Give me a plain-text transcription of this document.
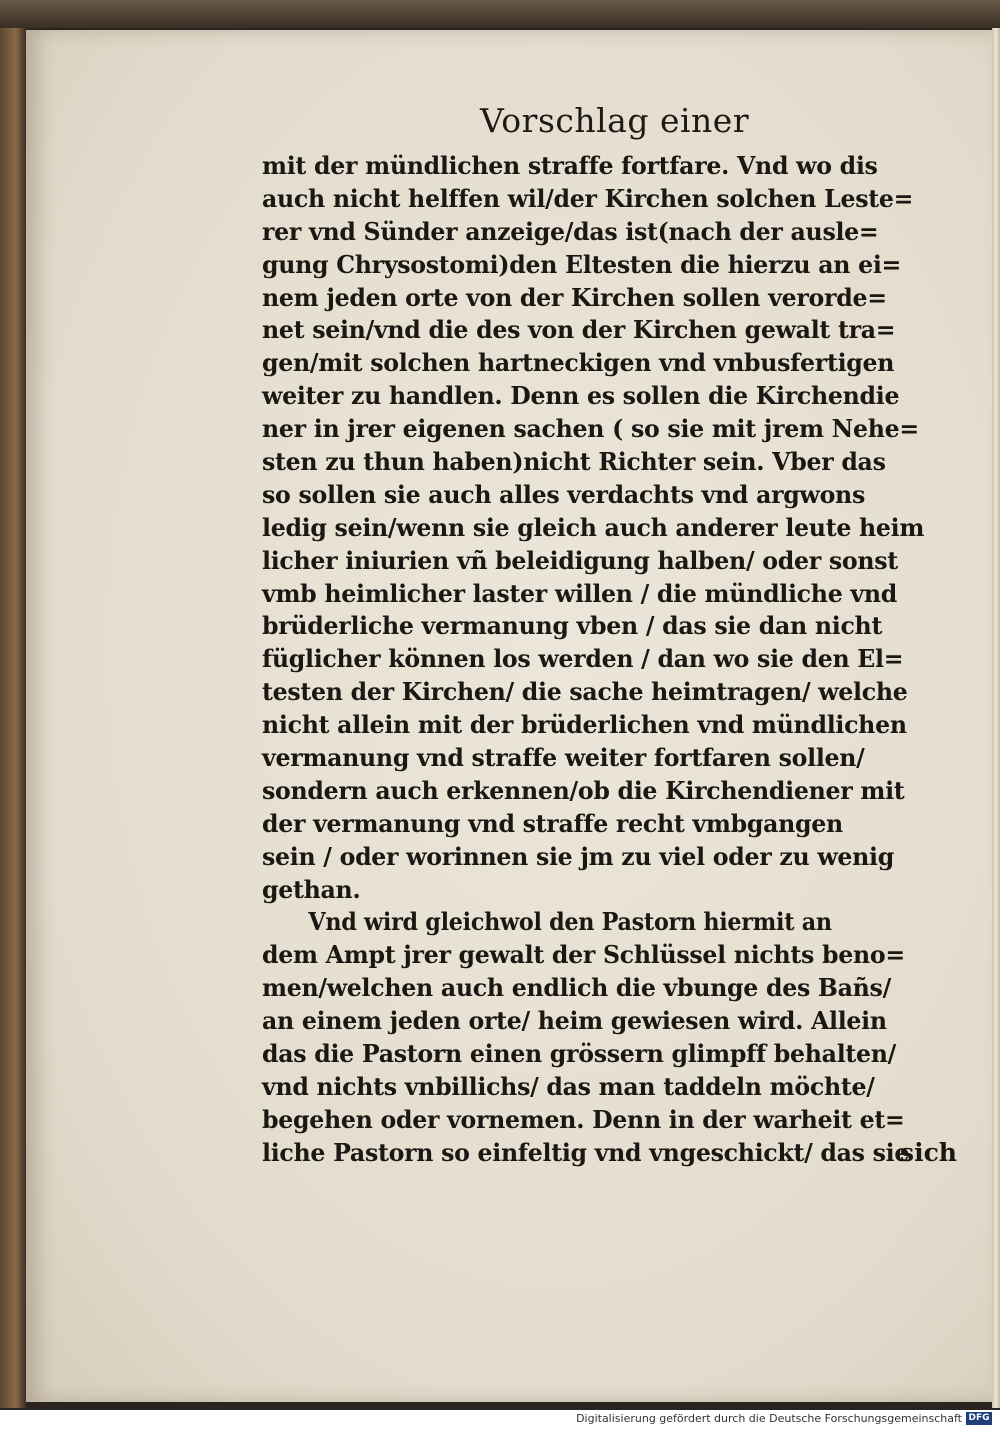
Vorschlag einer
mit der mündlichen straffe fortfare. Vnd wo dis
auch nicht helffen wil/der Kirchen solchen Leste=
rer vnd Sünder anzeige/das ist(nach der ausle=
gung Chrysostomi)den Eltesten die hierzu an ei=
nem jeden orte von der Kirchen sollen verorde=
net sein/vnd die des von der Kirchen gewalt tra=
gen/mit solchen hartneckigen vnd vnbusfertigen
weiter zu handlen. Denn es sollen die Kirchendie
ner in jrer eigenen sachen ( so sie mit jrem Nehe=
sten zu thun haben)nicht Richter sein. Vber das
so sollen sie auch alles verdachts vnd argwons
ledig sein/wenn sie gleich auch anderer leute heim
licher iniurien vñ beleidigung halben/ oder sonst
vmb heimlicher laster willen / die mündliche vnd
brüderliche vermanung vben / das sie dan nicht
füglicher können los werden / dan wo sie den El=
testen der Kirchen/ die sache heimtragen/ welche
nicht allein mit der brüderlichen vnd mündlichen
vermanung vnd straffe weiter fortfaren sollen/
sondern auch erkennen/ob die Kirchendiener mit
der vermanung vnd straffe recht vmbgangen
sein / oder worinnen sie jm zu viel oder zu wenig
gethan.
Vnd wird gleichwol den Pastorn hiermit an
dem Ampt jrer gewalt der Schlüssel nichts beno=
men/welchen auch endlich die vbunge des Bañs/
an einem jeden orte/ heim gewiesen wird. Allein
das die Pastorn einen grössern glimpff behalten/
vnd nichts vnbillichs/ das man taddeln möchte/
begehen oder vornemen. Denn in der warheit et=
liche Pastorn so einfeltig vnd vngeschickt/ das sie
sich
Digitalisierung gefördert durch die Deutsche Forschungsgemeinschaft DFG
